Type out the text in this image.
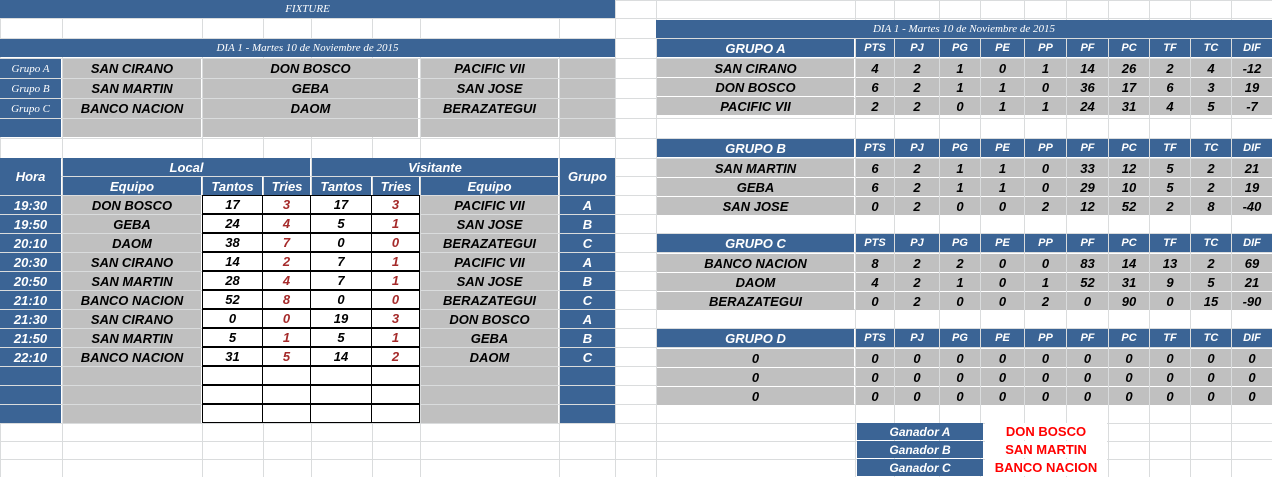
FIXTURE
DIA 1 - Martes 10 de Noviembre de 2015
Grupo A	SAN CIRANO	DON BOSCO	PACIFIC VII
Grupo B	SAN MARTIN	GEBA	SAN JOSE
Grupo C	BANCO NACION	DAOM	BERAZATEGUI
Hora
Local	Visitante
Grupo
Equipo	Tantos	Tries	Tantos	Tries	Equipo
19:30	DON BOSCO	17	3	17	3	PACIFIC VII	A
19:50	GEBA	24	4	5	1	SAN JOSE	B
20:10	DAOM	38	7	0	0	BERAZATEGUI	C
20:30	SAN CIRANO	14	2	7	1	PACIFIC VII	A
20:50	SAN MARTIN	28	4	7	1	SAN JOSE	B
21:10	BANCO NACION	52	8	0	0	BERAZATEGUI	C
21:30	SAN CIRANO	0	0	19	3	DON BOSCO	A
21:50	SAN MARTIN	5	1	5	1	GEBA	B
22:10	BANCO NACION	31	5	14	2	DAOM	C
DIA 1 - Martes 10 de Noviembre de 2015
GRUPO A	PTS	PJ	PG	PE	PP	PF	PC	TF	TC	DIF
SAN CIRANO	4	2	1	0	1	14	26	2	4	-12
DON BOSCO	6	2	1	1	0	36	17	6	3	19
PACIFIC VII	2	2	0	1	1	24	31	4	5	-7
GRUPO B	PTS	PJ	PG	PE	PP	PF	PC	TF	TC	DIF
SAN MARTIN	6	2	1	1	0	33	12	5	2	21
GEBA	6	2	1	1	0	29	10	5	2	19
SAN JOSE	0	2	0	0	2	12	52	2	8	-40
GRUPO C	PTS	PJ	PG	PE	PP	PF	PC	TF	TC	DIF
BANCO NACION	8	2	2	0	0	83	14	13	2	69
DAOM	4	2	1	0	1	52	31	9	5	21
BERAZATEGUI	0	2	0	0	2	0	90	0	15	-90
GRUPO D	PTS	PJ	PG	PE	PP	PF	PC	TF	TC	DIF
0	0	0	0	0	0	0	0	0	0	0
0	0	0	0	0	0	0	0	0	0	0
0	0	0	0	0	0	0	0	0	0	0
Ganador A	DON BOSCO
Ganador B	SAN MARTIN
Ganador C	BANCO NACION
